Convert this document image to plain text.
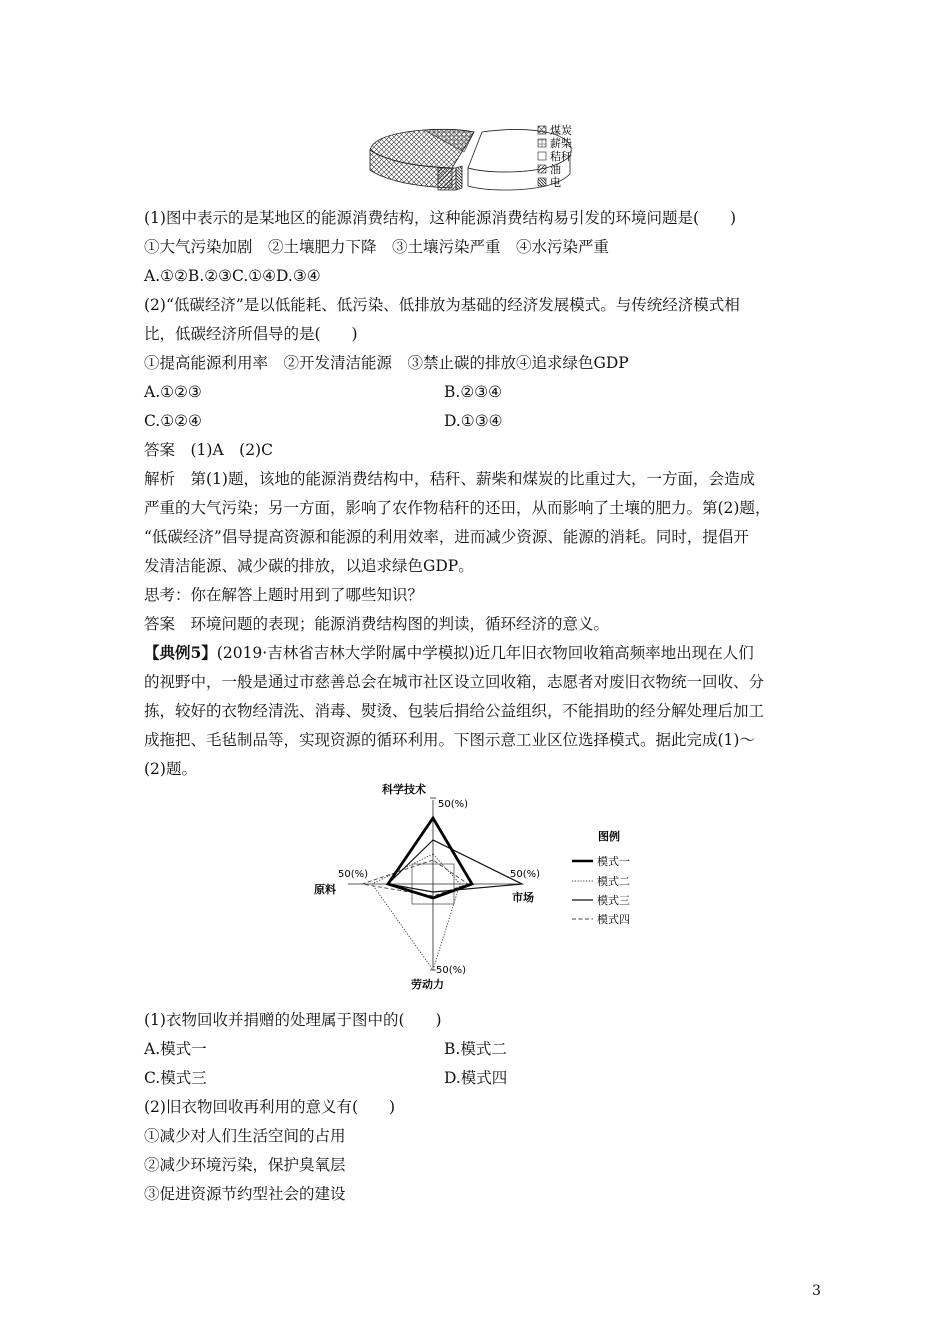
煤炭
薪柴
秸秆
油
电
(1)图中表示的是某地区的能源消费结构，这种能源消费结构易引发的环境问题是(　　)
①大气污染加剧　②土壤肥力下降　③土壤污染严重　④水污染严重
A.①②B.②③C.①④D.③④
(2)“低碳经济”是以低能耗、低污染、低排放为基础的经济发展模式。与传统经济模式相
比，低碳经济所倡导的是(　　)
①提高能源利用率　②开发清洁能源　③禁止碳的排放④追求绿色GDP
A.①②③	B.②③④
C.①②④	D.①③④
答案　(1)A　(2)C
解析　第(1)题，该地的能源消费结构中，秸秆、薪柴和煤炭的比重过大，一方面，会造成
严重的大气污染；另一方面，影响了农作物秸秆的还田，从而影响了土壤的肥力。第(2)题，
“低碳经济”倡导提高资源和能源的利用效率，进而减少资源、能源的消耗。同时，提倡开
发清洁能源、减少碳的排放，以追求绿色GDP。
思考：你在解答上题时用到了哪些知识？
答案　环境问题的表现；能源消费结构图的判读，循环经济的意义。
【典例5】(2019·吉林省吉林大学附属中学模拟)近几年旧衣物回收箱高频率地出现在人们
的视野中，一般是通过市慈善总会在城市社区设立回收箱，志愿者对废旧衣物统一回收、分
拣，较好的衣物经清洗、消毒、熨烫、包装后捐给公益组织，不能捐助的经分解处理后加工
成拖把、毛毡制品等，实现资源的循环利用。下图示意工业区位选择模式。据此完成(1)～
(2)题。
科学技术
50(%)
50(%)
市场
50(%)
原料
50(%)
劳动力
图例
模式一
模式二
模式三
模式四
(1)衣物回收并捐赠的处理属于图中的(　　)
A.模式一	B.模式二
C.模式三	D.模式四
(2)旧衣物回收再利用的意义有(　　)
①减少对人们生活空间的占用
②减少环境污染，保护臭氧层
③促进资源节约型社会的建设
3
